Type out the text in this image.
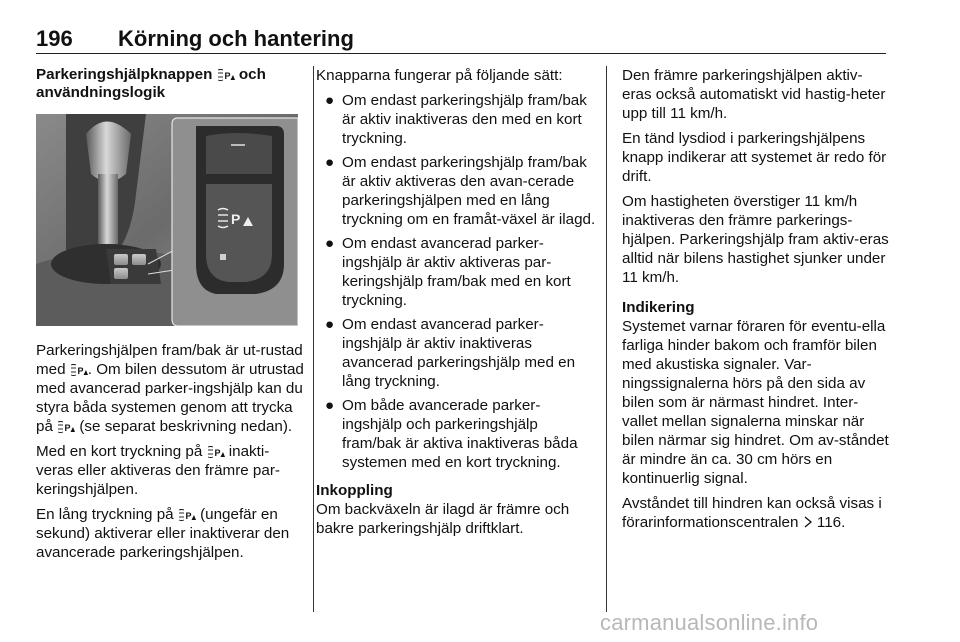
196 Körning och hantering
Parkeringshjälpknappen och
användningslogik
P

Parkeringshjälpen fram/bak är ut-rustad med . Om bilen dessutom är utrustad med avancerad parker-ingshjälp kan du styra båda systemen genom att trycka på (se separat beskrivning nedan).

Med en kort tryckning på inakti-veras eller aktiveras den främre par-keringshjälpen.

En lång tryckning på (ungefär en sekund) aktiverar eller inaktiverar den avancerade parkeringshjälpen.

Knapparna fungerar på följande sätt:

● Om endast parkeringshjälp fram/bak är aktiv inaktiveras den med en kort tryckning.
● Om endast parkeringshjälp fram/bak är aktiv aktiveras den avan-cerade parkeringshjälpen med en lång tryckning om en framåt-växel är ilagd.
● Om endast avancerad parker-ingshjälp är aktiv aktiveras par-keringshjälp fram/bak med en kort tryckning.
● Om endast avancerad parker-ingshjälp är aktiv inaktiveras avancerad parkeringshjälp med en lång tryckning.
● Om både avancerade parker-ingshjälp och parkeringshjälp fram/bak är aktiva inaktiveras båda systemen med en kort tryckning.
Inkoppling

Om backväxeln är ilagd är främre och bakre parkeringshjälp driftklart.

Den främre parkeringshjälpen aktiv-eras också automatiskt vid hastig-heter upp till 11 km/h.

En tänd lysdiod i parkeringshjälpens knapp indikerar att systemet är redo för drift.

Om hastigheten överstiger 11 km/h inaktiveras den främre parkerings-hjälpen. Parkeringshjälp fram aktiv-eras alltid när bilens hastighet sjunker under 11 km/h.

Indikering

Systemet varnar föraren för eventu-ella farliga hinder bakom och framför bilen med akustiska signaler. Var-ningssignalerna hörs på den sida av bilen som är närmast hindret. Inter-vallet mellan signalerna minskar när bilen närmar sig hindret. Om av-ståndet är mindre än ca. 30 cm hörs en kontinuerlig signal.

Avståndet till hindren kan också visas i förarinformationscentralen 116.

carmanualsonline.info
